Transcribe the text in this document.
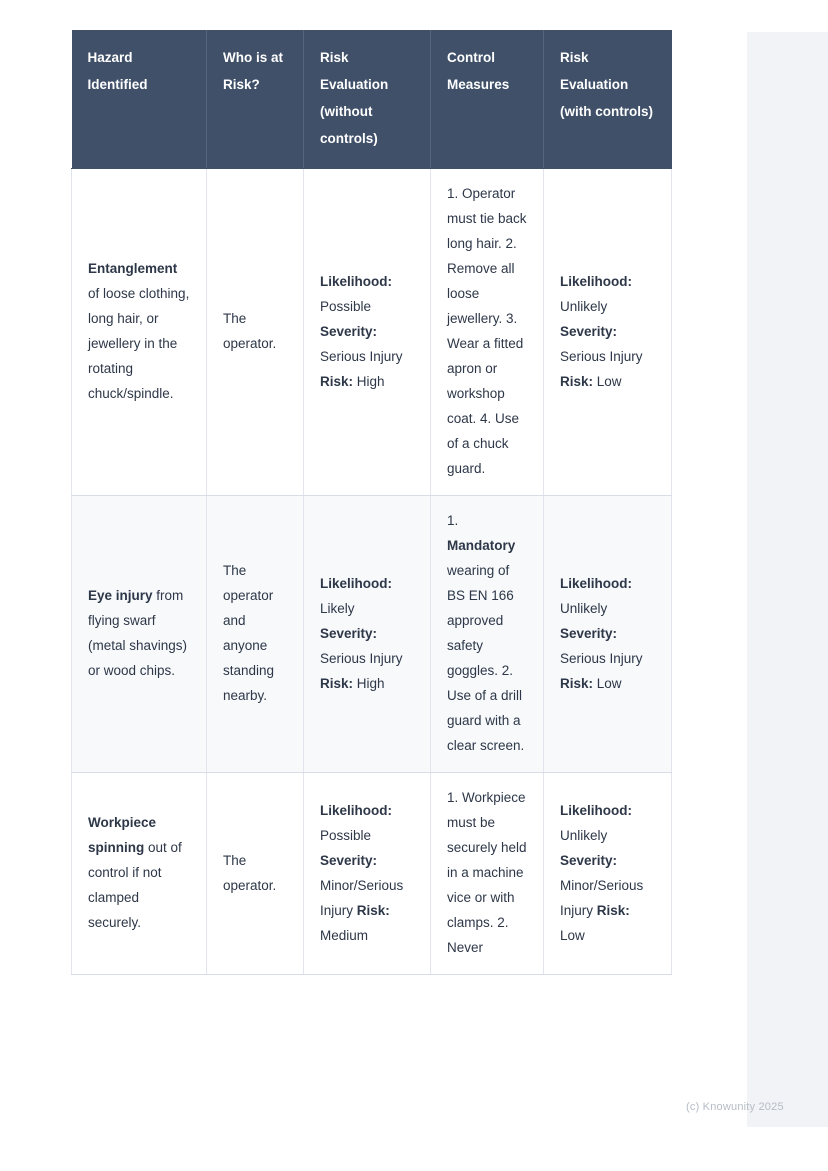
Hazard Identified	Who is at Risk?	Risk Evaluation (without controls)	Control Measures	Risk Evaluation (with controls)
Entanglement of loose clothing, long hair, or jewellery in the rotating chuck/spindle.	The operator.	Likelihood: Possible Severity: Serious Injury Risk: High	1. Operator must tie back long hair. 2. Remove all loose jewellery. 3. Wear a fitted apron or workshop coat. 4. Use of a chuck guard.	Likelihood: Unlikely Severity: Serious Injury Risk: Low
Eye injury from flying swarf (metal shavings) or wood chips.	The operator and anyone standing nearby.	Likelihood: Likely Severity: Serious Injury Risk: High	1. Mandatory wearing of BS EN 166 approved safety goggles. 2. Use of a drill guard with a clear screen.	Likelihood: Unlikely Severity: Serious Injury Risk: Low
Workpiece spinning out of control if not clamped securely.	The operator.	Likelihood: Possible Severity: Minor/Serious Injury Risk: Medium	1. Workpiece must be securely held in a machine vice or with clamps. 2. Never	Likelihood: Unlikely Severity: Minor/Serious Injury Risk: Low
(c) Knowunity 2025
